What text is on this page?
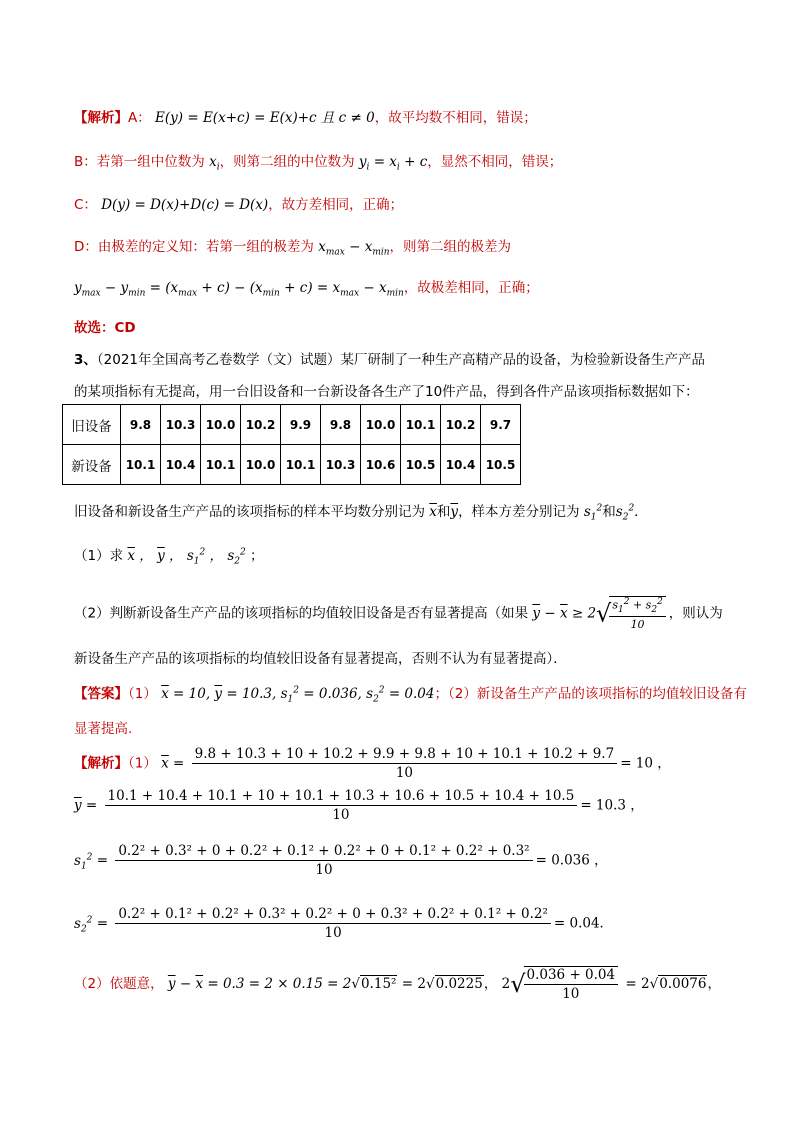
【解析】A： E(y) = E(x+c) = E(x)+c 且 c ≠ 0，故平均数不相同，错误；
B：若第一组中位数为 $x_i$，则第二组的中位数为 $y_i = x_i + c$，显然不相同，错误；
C： D(y) = D(x)+D(c) = D(x)，故方差相同，正确；
D：由极差的定义知：若第一组的极差为 $x_{max} - x_{min}$，则第二组的极差为
$y_{max} - y_{min} = (x_{max} + c) - (x_{min} + c) = x_{max} - x_{min}$，故极差相同，正确；
故选：CD
3、（2021年全国高考乙卷数学（文）试题）某厂研制了一种生产高精产品的设备，为检验新设备生产产品
的某项指标有无提高，用一台旧设备和一台新设备各生产了10件产品，得到各件产品该项指标数据如下：
旧设备	9.8	10.3	10.0	10.2	9.9	9.8	10.0	10.1	10.2	9.7
新设备	10.1	10.4	10.1	10.0	10.1	10.3	10.6	10.5	10.4	10.5
旧设备和新设备生产产品的该项指标的样本平均数分别记为 $\overline{x}$和$\overline{y}$，样本方差分别记为 $s_1^2$和$s_2^2$．
（1）求 $\overline{x}$ ， $\overline{y}$ ， $s_1^2$ ， $s_2^2$ ；
（2）判断新设备生产产品的该项指标的均值较旧设备是否有显著提高（如果 $\overline{y} - \overline{x} \ge 2√$
$\frac{s_1^2 + s_2^2}{10}$ ，则认为
新设备生产产品的该项指标的均值较旧设备有显著提高，否则不认为有显著提高）．
【答案】（1） $\overline{x} = 10$, $\overline{y} = 10.3$, $s_1^2 = 0.036$, $s_2^2 = 0.04$；（2）新设备生产产品的该项指标的均值较旧设备有
显著提高.
【解析】（1） $\overline{x} = \frac{9.8 + 10.3 + 10 + 10.2 + 9.9 + 9.8 + 10 + 10.1 + 10.2 + 9.7}{10} = 10$ ，
$\overline{y}$ =
10.1 + 10.4 + 10.1 + 10 + 10.1 + 10.3 + 10.6 + 10.5 + 10.4 + 10.5
10
= 10.3 ，
$s_1^2$ =
0.2² + 0.3² + 0 + 0.2² + 0.1² + 0.2² + 0 + 0.1² + 0.2² + 0.3²
10
= 0.036 ，
$s_2^2$ =
0.2² + 0.1² + 0.2² + 0.3² + 0.2² + 0 + 0.3² + 0.2² + 0.1² + 0.2²
10
= 0.04．
（2）依题意， $\overline{y} - \overline{x} = 0.3 = 2 \times 0.15 = 2√0.15^2 = 2√0.0225$， 2√
$\frac{0.036 + 0.04}{10} = 2√0.0076$，
